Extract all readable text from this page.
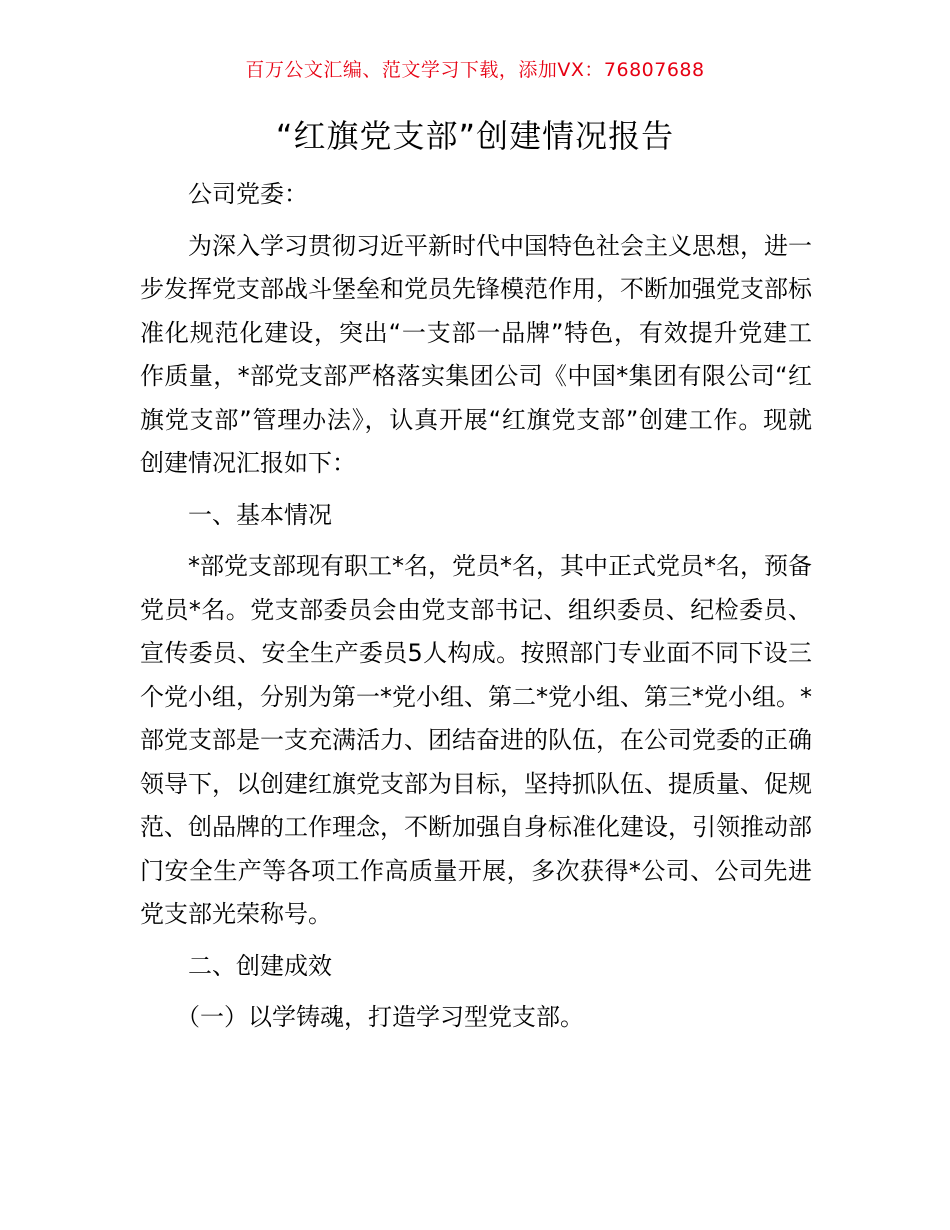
百万公文汇编、范文学习下载，添加VX：76807688
“红旗党支部”创建情况报告

公司党委：

为深入学习贯彻习近平新时代中国特色社会主义思想，进一步发挥党支部战斗堡垒和党员先锋模范作用，不断加强党支部标准化规范化建设，突出“一支部一品牌”特色，有效提升党建工作质量，*部党支部严格落实集团公司《中国*集团有限公司“红旗党支部”管理办法》，认真开展“红旗党支部”创建工作。现就创建情况汇报如下：

一、基本情况

*部党支部现有职工*名，党员*名，其中正式党员*名，预备党员*名。党支部委员会由党支部书记、组织委员、纪检委员、宣传委员、安全生产委员5人构成。按照部门专业面不同下设三个党小组，分别为第一*党小组、第二*党小组、第三*党小组。*部党支部是一支充满活力、团结奋进的队伍，在公司党委的正确领导下，以创建红旗党支部为目标，坚持抓队伍、提质量、促规范、创品牌的工作理念，不断加强自身标准化建设，引领推动部门安全生产等各项工作高质量开展，多次获得*公司、公司先进党支部光荣称号。

二、创建成效

（一）以学铸魂，打造学习型党支部。
